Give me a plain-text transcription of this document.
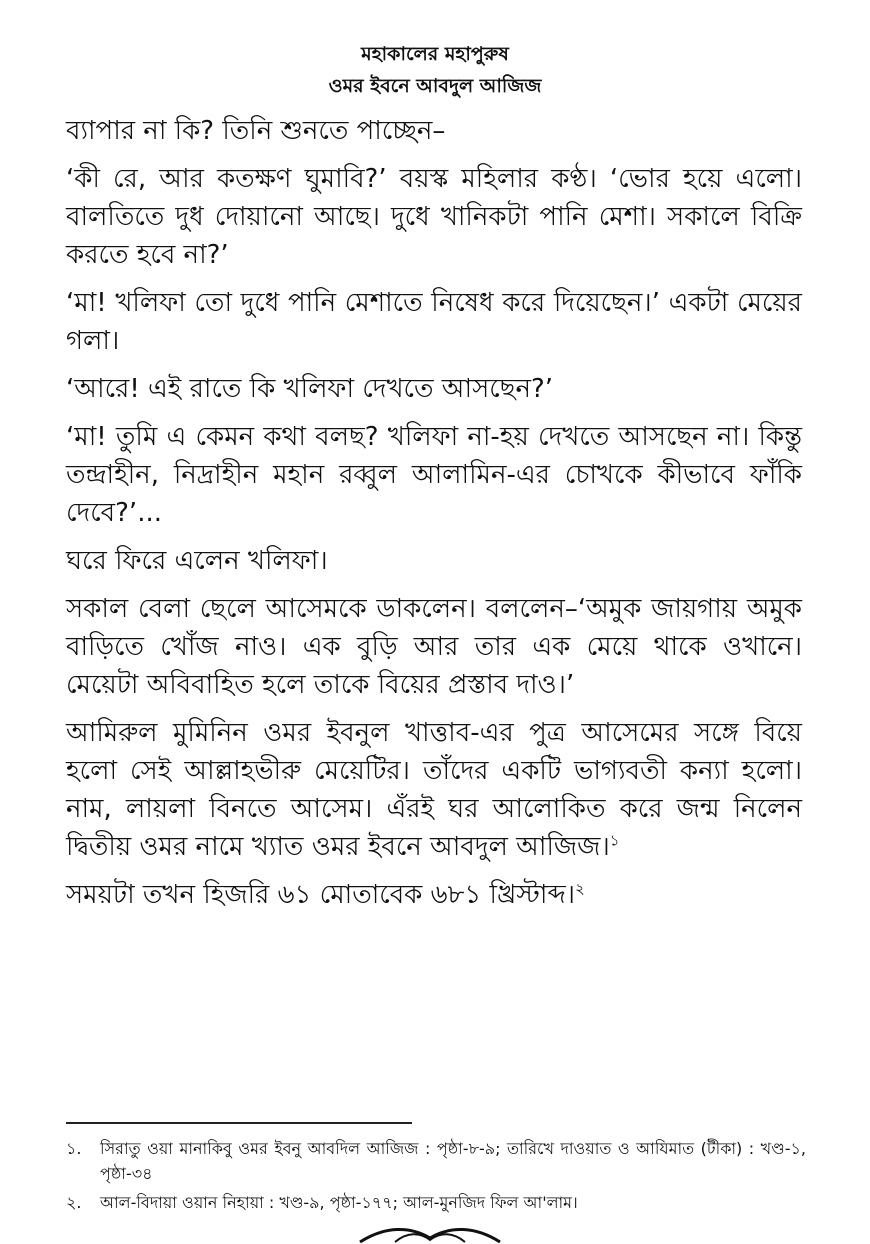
মহাকালের মহাপুরুষ
ওমর ইবনে আবদুল আজিজ

ব্যাপার না কি? তিনি শুনতে পাচ্ছেন–

‘কী রে, আর কতক্ষণ ঘুমাবি?’ বয়স্ক মহিলার কণ্ঠ। ‘ভোর হয়ে এলো। বালতিতে দুধ দোয়ানো আছে। দুধে খানিকটা পানি মেশা। সকালে বিক্রি করতে হবে না?’

‘মা! খলিফা তো দুধে পানি মেশাতে নিষেধ করে দিয়েছেন।’ একটা মেয়ের গলা।

‘আরে! এই রাতে কি খলিফা দেখতে আসছেন?’

‘মা! তুমি এ কেমন কথা বলছ? খলিফা না-হয় দেখতে আসছেন না। কিন্তু তন্দ্রাহীন, নিদ্রাহীন মহান রব্বুল আলামিন-এর চোখকে কীভাবে ফাঁকি দেবে?’...

ঘরে ফিরে এলেন খলিফা।

সকাল বেলা ছেলে আসেমকে ডাকলেন। বললেন–‘অমুক জায়গায় অমুক বাড়িতে খোঁজ নাও। এক বুড়ি আর তার এক মেয়ে থাকে ওখানে। মেয়েটা অবিবাহিত হলে তাকে বিয়ের প্রস্তাব দাও।’

আমিরুল মুমিনিন ওমর ইবনুল খাত্তাব-এর পুত্র আসেমের সঙ্গে বিয়ে হলো সেই আল্লাহভীরু মেয়েটির। তাঁদের একটি ভাগ্যবতী কন্যা হলো। নাম, লায়লা বিনতে আসেম। এঁরই ঘর আলোকিত করে জন্ম নিলেন দ্বিতীয় ওমর নামে খ্যাত ওমর ইবনে আবদুল আজিজ।$^১$

সময়টা তখন হিজরি ৬১ মোতাবেক ৬৮১ খ্রিস্টাব্দ।$^২$

১.	সিরাতু ওয়া মানাকিবু ওমর ইবনু আবদিল আজিজ : পৃষ্ঠা-৮-৯; তারিখে দাওয়াত ও আযিমাত (টীকা) : খণ্ড-১, পৃষ্ঠা-৩৪
২.	আল-বিদায়া ওয়ান নিহায়া : খণ্ড-৯, পৃষ্ঠা-১৭৭; আল-মুনজিদ ফিল আ'লাম।
